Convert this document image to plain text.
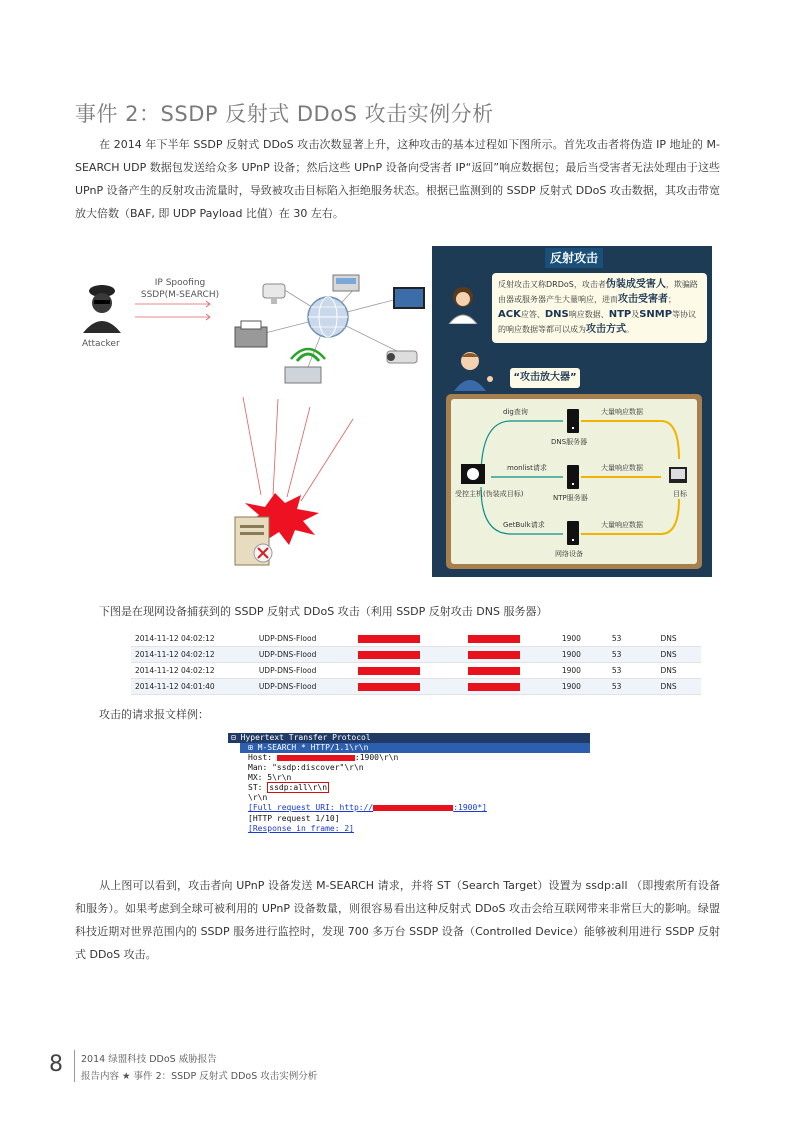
事件 2：SSDP 反射式 DDoS 攻击实例分析
在 2014 年下半年 SSDP 反射式 DDoS 攻击次数显著上升，这种攻击的基本过程如下图所示。首先攻击者将伪造 IP 地址的 M-SEARCH UDP 数据包发送给众多 UPnP 设备；然后这些 UPnP 设备向受害者 IP“返回”响应数据包；最后当受害者无法处理由于这些 UPnP 设备产生的反射攻击流量时，导致被攻击目标陷入拒绝服务状态。根据已监测到的 SSDP 反射式 DDoS 攻击数据，其攻击带宽放大倍数（BAF, 即 UDP Payload 比值）在 30 左右。
IP Spoofing
SSDP(M-SEARCH)
Attacker
反射攻击
反射攻击又称DRDoS，攻击者伪装成受害人，欺骗路由器或服务器产生大量响应，进而攻击受害者； ACK应答、DNS响应数据、NTP及SNMP等协议的响应数据等都可以成为攻击方式。
“攻击放大器”
dig查询
DNS服务器
大量响应数据
monlist请求
NTP服务器
大量响应数据
受控主机(伪装成目标)	目标
GetBulk请求
网络设备
大量响应数据
下图是在现网设备捕获到的 SSDP 反射式 DDoS 攻击（利用 SSDP 反射攻击 DNS 服务器）
2014-11-12 04:02:12	UDP-DNS-Flood			1900	53	DNS
2014-11-12 04:02:12	UDP-DNS-Flood			1900	53	DNS
2014-11-12 04:02:12	UDP-DNS-Flood			1900	53	DNS
2014-11-12 04:01:40	UDP-DNS-Flood			1900	53	DNS
攻击的请求报文样例：
⊟ Hypertext Transfer Protocol
⊞ M-SEARCH * HTTP/1.1\r\n
Host:	:1900\r\n
Man: "ssdp:discover"\r\n
MX: 5\r\n
ST: ssdp:all\r\n
\r\n
[Full request URI: http://	:1900*]
[HTTP request 1/10]
[Response in frame: 2]
从上图可以看到，攻击者向 UPnP 设备发送 M-SEARCH 请求，并将 ST（Search Target）设置为 ssdp:all （即搜索所有设备和服务）。如果考虑到全球可被利用的 UPnP 设备数量，则很容易看出这种反射式 DDoS 攻击会给互联网带来非常巨大的影响。绿盟科技近期对世界范围内的 SSDP 服务进行监控时，发现 700 多万台 SSDP 设备（Controlled Device）能够被利用进行 SSDP 反射式 DDoS 攻击。
8 2014 绿盟科技 DDoS 威胁报告
报告内容 ★ 事件 2：SSDP 反射式 DDoS 攻击实例分析
